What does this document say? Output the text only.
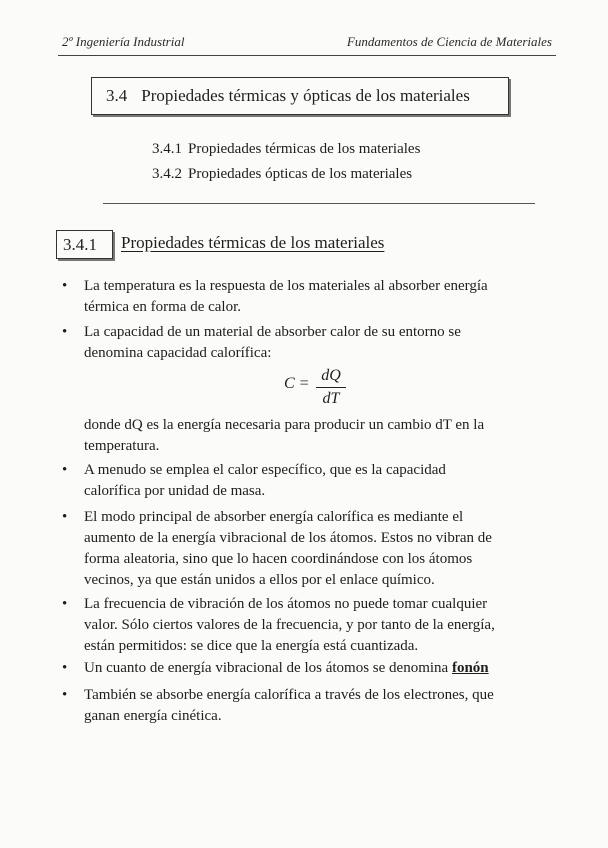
2º Ingeniería Industrial	Fundamentos de Ciencia de Materiales
3.4 Propiedades térmicas y ópticas de los materiales
3.4.1 Propiedades térmicas de los materiales
3.4.2 Propiedades ópticas de los materiales
3.4.1 Propiedades térmicas de los materiales
• La temperatura es la respuesta de los materiales al absorber energía
térmica en forma de calor.
• La capacidad de un material de absorber calor de su entorno se
denomina capacidad calorífica:
C = dQ
dT
donde dQ es la energía necesaria para producir un cambio dT en la
temperatura.
• A menudo se emplea el calor específico, que es la capacidad
calorífica por unidad de masa.
• El modo principal de absorber energía calorífica es mediante el
aumento de la energía vibracional de los átomos. Estos no vibran de
forma aleatoria, sino que lo hacen coordinándose con los átomos
vecinos, ya que están unidos a ellos por el enlace químico.
• La frecuencia de vibración de los átomos no puede tomar cualquier
valor. Sólo ciertos valores de la frecuencia, y por tanto de la energía,
están permitidos: se dice que la energía está cuantizada.
• Un cuanto de energía vibracional de los átomos se denomina fonón
• También se absorbe energía calorífica a través de los electrones, que
ganan energía cinética.
